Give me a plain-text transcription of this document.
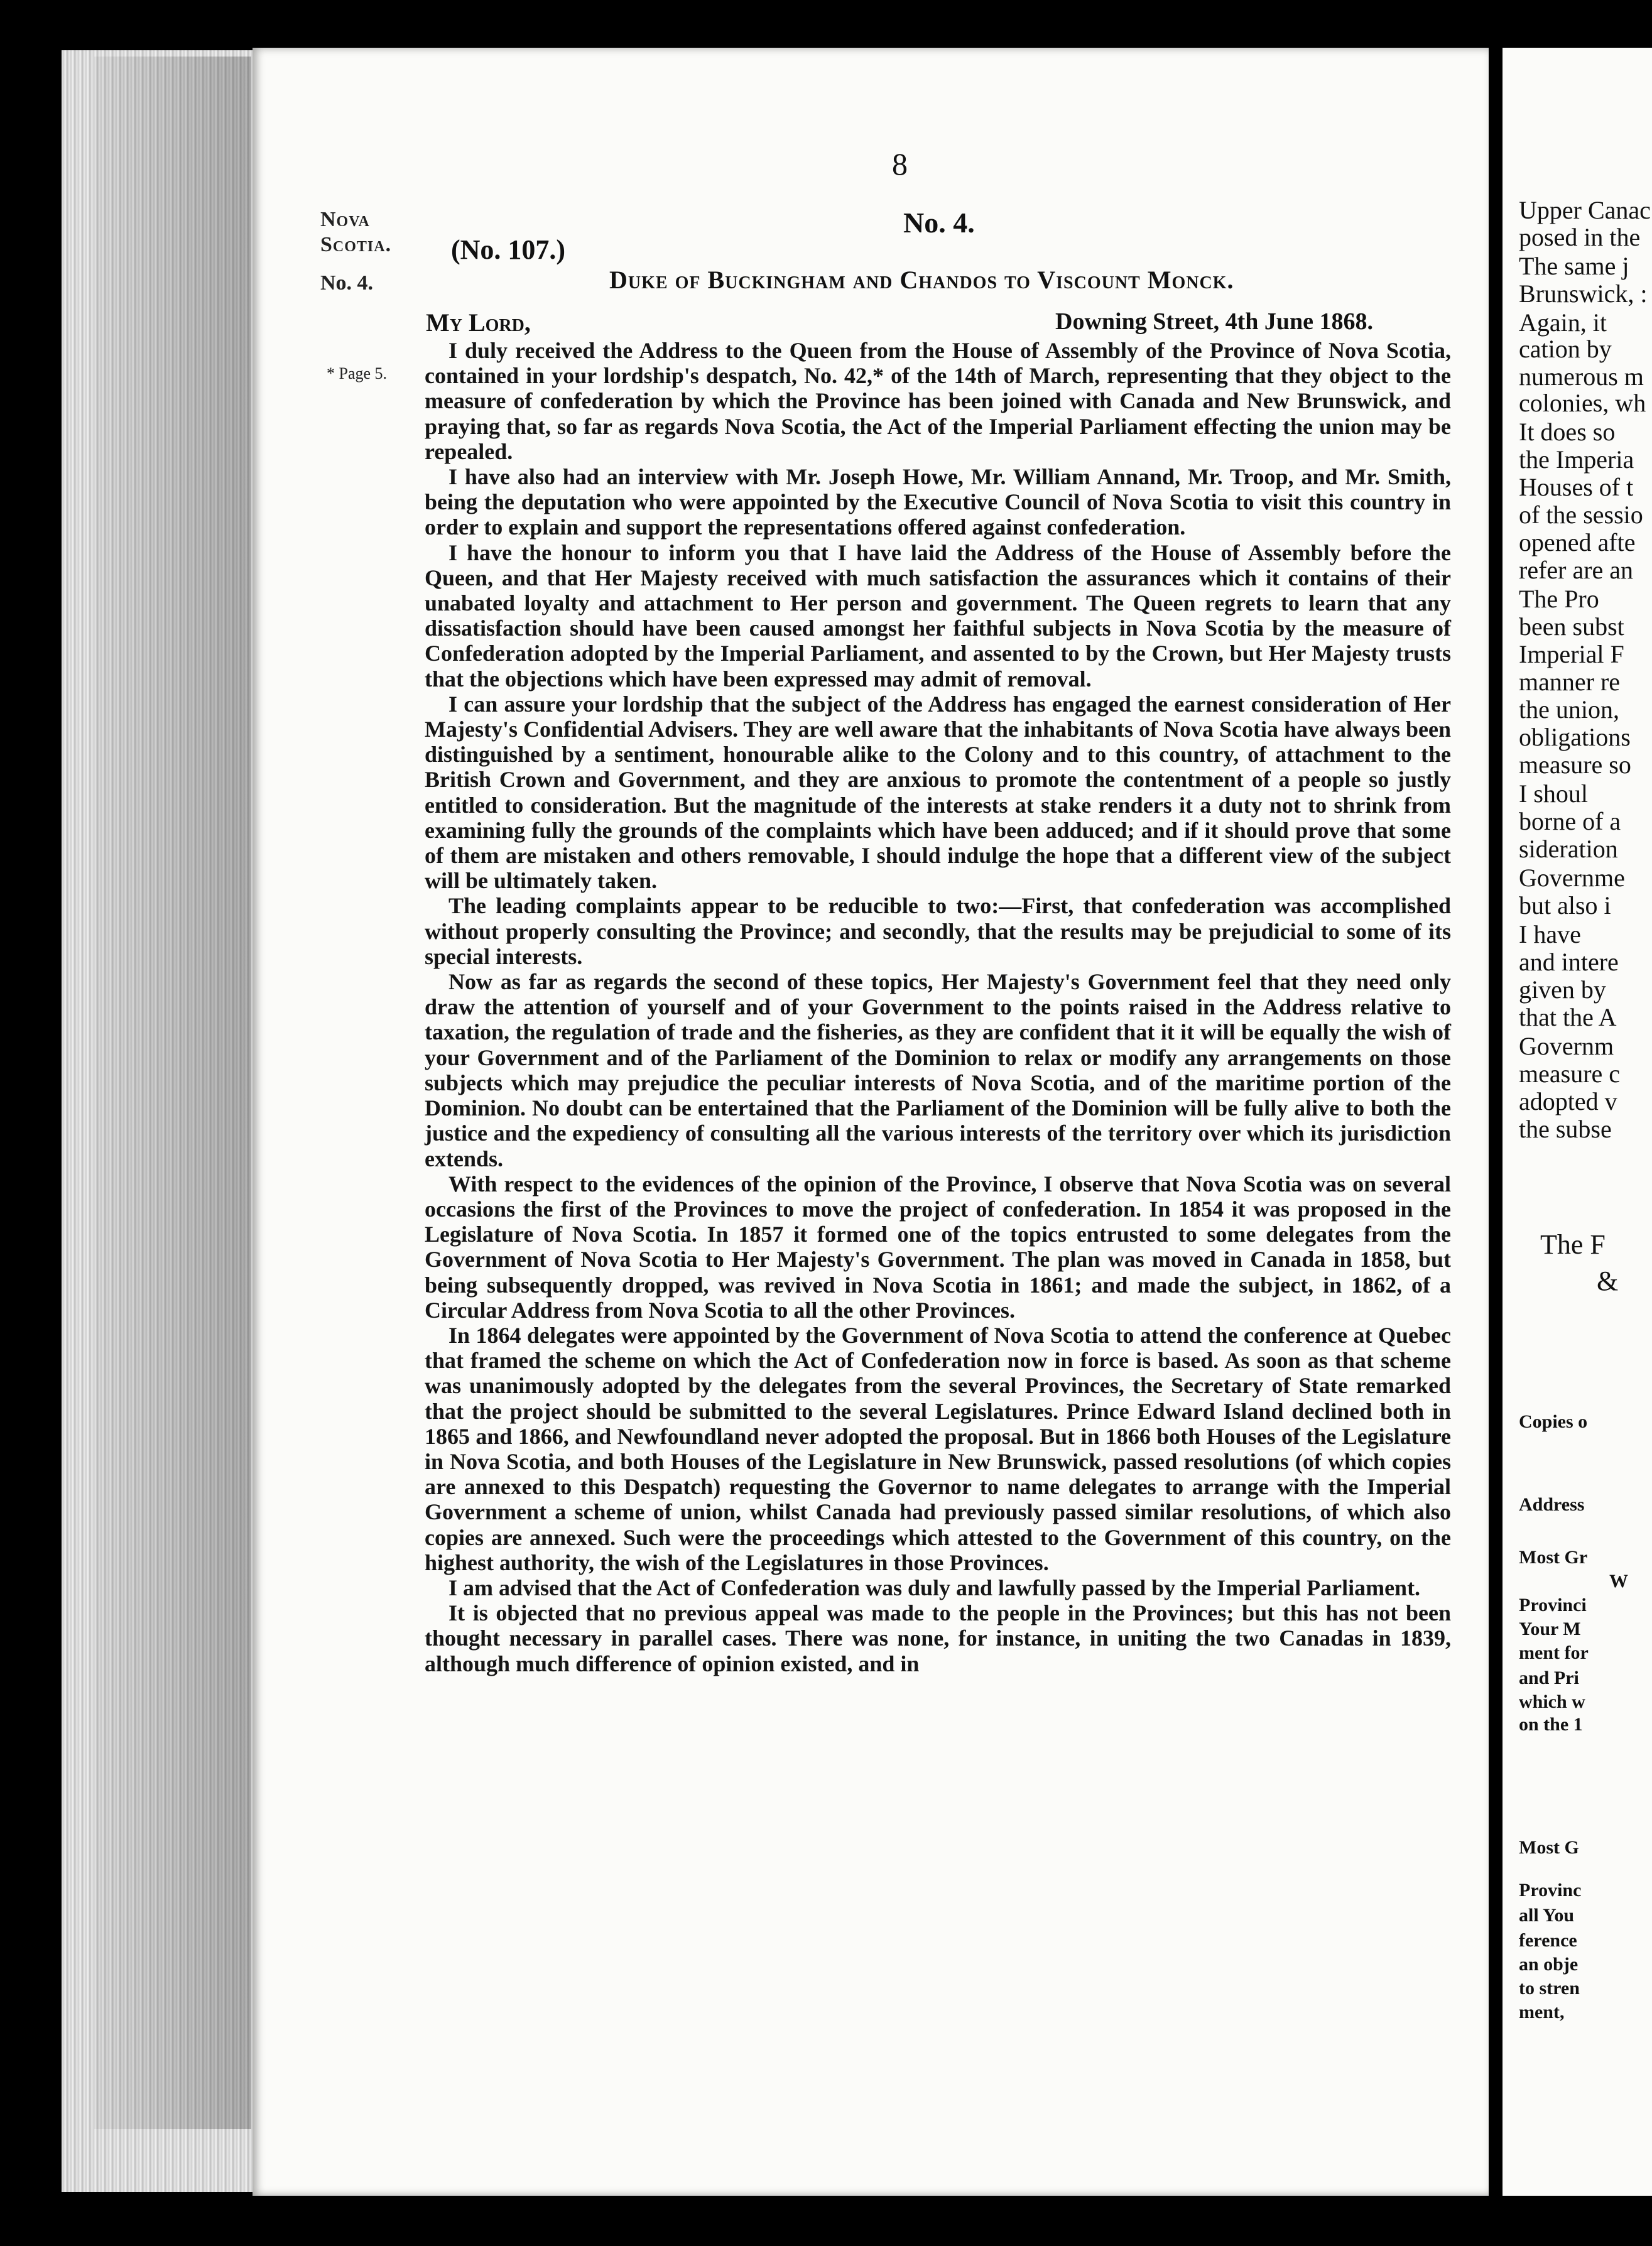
Upper Canac
posed in the
The same j
Brunswick, :
Again, it
cation by
numerous m
colonies, wh
It does so
the Imperia
Houses of t
of the sessio
opened afte
refer are an
The Pro
been subst
Imperial F
manner re
the union,
obligations
measure so
I shoul
borne of a
sideration
Governme
but also i
I have
and intere
given by
that the A
Governm
measure c
adopted v
the subse
The F
&
Copies o
Address
Most Gr
W
Provinci
Your M
ment for
and Pri
which w
on the 1
Most G
Provinc
all You
ference
an obje
to stren
ment,
8
Nova Scotia.
No. 4.
* Page 5.
No. 4.
(No. 107.)
Duke of Buckingham and Chandos to Viscount Monck.
My Lord,	Downing Street, 4th June 1868.

I duly received the Address to the Queen from the House of Assembly of the Province of Nova Scotia, contained in your lordship's despatch, No. 42,* of the 14th of March, representing that they object to the measure of confederation by which the Province has been joined with Canada and New Brunswick, and praying that, so far as regards Nova Scotia, the Act of the Imperial Parliament effecting the union may be repealed.

I have also had an interview with Mr. Joseph Howe, Mr. William Annand, Mr. Troop, and Mr. Smith, being the deputation who were appointed by the Executive Council of Nova Scotia to visit this country in order to explain and support the representations offered against confederation.

I have the honour to inform you that I have laid the Address of the House of Assembly before the Queen, and that Her Majesty received with much satisfaction the assurances which it contains of their unabated loyalty and attachment to Her person and government. The Queen regrets to learn that any dissatisfaction should have been caused amongst her faithful subjects in Nova Scotia by the measure of Confederation adopted by the Imperial Parliament, and assented to by the Crown, but Her Majesty trusts that the objections which have been expressed may admit of removal.

I can assure your lordship that the subject of the Address has engaged the earnest consideration of Her Majesty's Confidential Advisers. They are well aware that the inhabitants of Nova Scotia have always been distinguished by a sentiment, honourable alike to the Colony and to this country, of attachment to the British Crown and Government, and they are anxious to promote the contentment of a people so justly entitled to consideration. But the magnitude of the interests at stake renders it a duty not to shrink from examining fully the grounds of the complaints which have been adduced; and if it should prove that some of them are mistaken and others removable, I should indulge the hope that a different view of the subject will be ultimately taken.

The leading complaints appear to be reducible to two:—First, that confederation was accomplished without properly consulting the Province; and secondly, that the results may be prejudicial to some of its special interests.

Now as far as regards the second of these topics, Her Majesty's Government feel that they need only draw the attention of yourself and of your Government to the points raised in the Address relative to taxation, the regulation of trade and the fisheries, as they are confident that it it will be equally the wish of your Government and of the Parliament of the Dominion to relax or modify any arrangements on those subjects which may prejudice the peculiar interests of Nova Scotia, and of the maritime portion of the Dominion. No doubt can be entertained that the Parliament of the Dominion will be fully alive to both the justice and the expediency of consulting all the various interests of the territory over which its jurisdiction extends.

With respect to the evidences of the opinion of the Province, I observe that Nova Scotia was on several occasions the first of the Provinces to move the project of confederation. In 1854 it was proposed in the Legislature of Nova Scotia. In 1857 it formed one of the topics entrusted to some delegates from the Government of Nova Scotia to Her Majesty's Government. The plan was moved in Canada in 1858, but being subsequently dropped, was revived in Nova Scotia in 1861; and made the subject, in 1862, of a Circular Address from Nova Scotia to all the other Provinces.

In 1864 delegates were appointed by the Government of Nova Scotia to attend the conference at Quebec that framed the scheme on which the Act of Confederation now in force is based. As soon as that scheme was unanimously adopted by the delegates from the several Provinces, the Secretary of State remarked that the project should be submitted to the several Legislatures. Prince Edward Island declined both in 1865 and 1866, and Newfoundland never adopted the proposal. But in 1866 both Houses of the Legislature in Nova Scotia, and both Houses of the Legislature in New Brunswick, passed resolutions (of which copies are annexed to this Despatch) requesting the Governor to name delegates to arrange with the Imperial Government a scheme of union, whilst Canada had previously passed similar resolutions, of which also copies are annexed. Such were the proceedings which attested to the Government of this country, on the highest authority, the wish of the Legislatures in those Provinces.

I am advised that the Act of Confederation was duly and lawfully passed by the Imperial Parliament.

It is objected that no previous appeal was made to the people in the Provinces; but this has not been thought necessary in parallel cases. There was none, for instance, in uniting the two Canadas in 1839, although much difference of opinion existed, and in
